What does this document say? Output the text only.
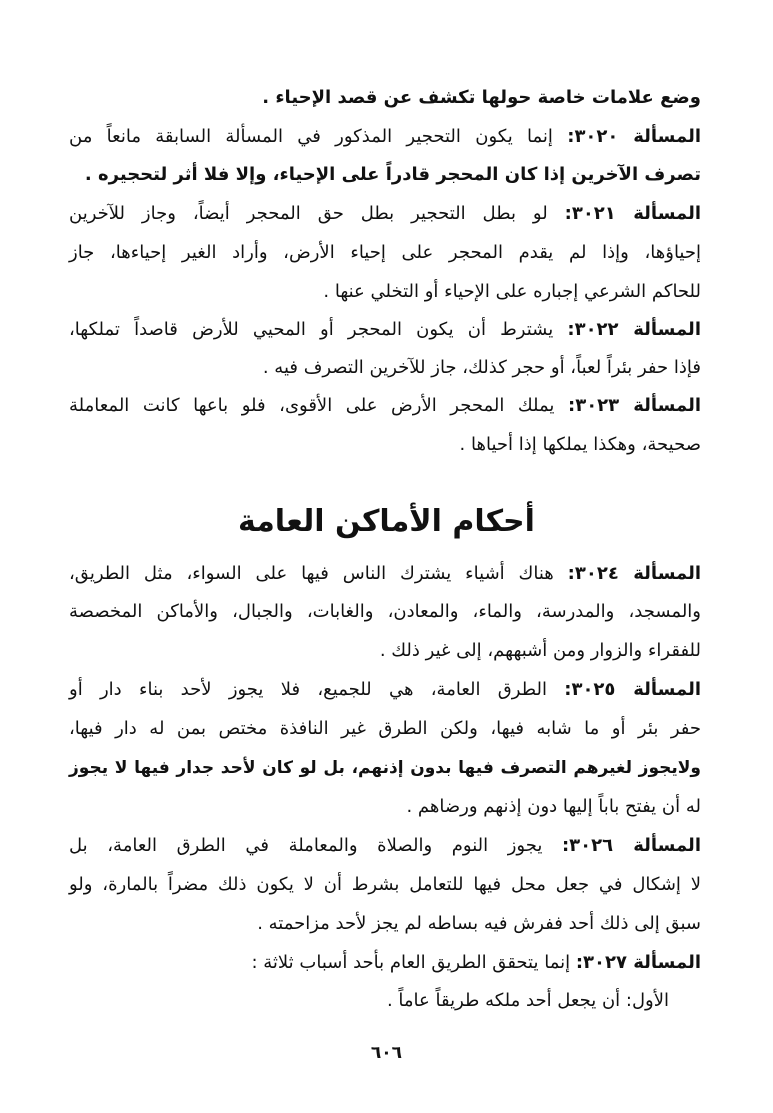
وضع علامات خاصة حولها تكشف عن قصد الإحياء .
المسألة ٣٠٢٠: إنما يكون التحجير المذكور في المسألة السابقة مانعاً من
تصرف الآخرين إذا كان المحجر قادراً على الإحياء، وإلا فلا أثر لتحجيره .
المسألة ٣٠٢١: لو بطل التحجير بطل حق المحجر أيضاً، وجاز للآخرين
إحياؤها، وإذا لم يقدم المحجر على إحياء الأرض، وأراد الغير إحياءها، جاز
للحاكم الشرعي إجباره على الإحياء أو التخلي عنها .
المسألة ٣٠٢٢: يشترط أن يكون المحجر أو المحيي للأرض قاصداً تملكها،
فإذا حفر بئراً لعباً، أو حجر كذلك، جاز للآخرين التصرف فيه .
المسألة ٣٠٢٣: يملك المحجر الأرض على الأقوى، فلو باعها كانت المعاملة
صحيحة، وهكذا يملكها إذا أحياها .
أحكام الأماكن العامة
المسألة ٣٠٢٤: هناك أشياء يشترك الناس فيها على السواء، مثل الطريق،
والمسجد، والمدرسة، والماء، والمعادن، والغابات، والجبال، والأماكن المخصصة
للفقراء والزوار ومن أشبههم، إلى غير ذلك .
المسألة ٣٠٢٥: الطرق العامة، هي للجميع، فلا يجوز لأحد بناء دار أو
حفر بئر أو ما شابه فيها، ولكن الطرق غير النافذة مختص بمن له دار فيها،
ولايجوز لغيرهم التصرف فيها بدون إذنهم، بل لو كان لأحد جدار فيها لا يجوز
له أن يفتح باباً إليها دون إذنهم ورضاهم .
المسألة ٣٠٢٦: يجوز النوم والصلاة والمعاملة في الطرق العامة، بل
لا إشكال في جعل محل فيها للتعامل بشرط أن لا يكون ذلك مضراً بالمارة، ولو
سبق إلى ذلك أحد ففرش فيه بساطه لم يجز لأحد مزاحمته .
المسألة ٣٠٢٧: إنما يتحقق الطريق العام بأحد أسباب ثلاثة :
الأول: أن يجعل أحد ملكه طريقاً عاماً .
٦٠٦
